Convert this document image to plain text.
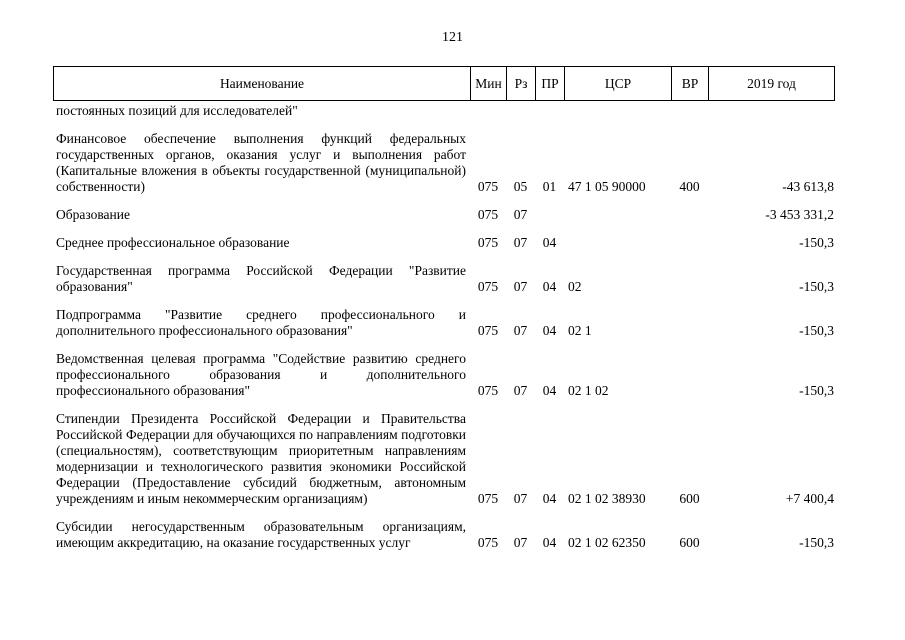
121
Наименование	Мин	Рз	ПР	ЦСР	ВР	2019 год
постоянных позиций для исследователей"						
Финансовое обеспечение выполнения функций федеральных государственных органов, оказания услуг и выполнения работ (Капитальные вложения в объекты государственной (муниципальной) собственности)	075	05	01	47 1 05 90000	400	-43 613,8
Образование	075	07				-3 453 331,2
Среднее профессиональное образование	075	07	04			-150,3
Государственная программа Российской Федерации "Развитие образования"	075	07	04	02		-150,3
Подпрограмма "Развитие среднего профессионального и дополнительного профессионального образования"	075	07	04	02 1		-150,3
Ведомственная целевая программа "Содействие развитию среднего профессионального образования и дополнительного профессионального образования"	075	07	04	02 1 02		-150,3
Стипендии Президента Российской Федерации и Правительства Российской Федерации для обучающихся по направлениям подготовки (специальностям), соответствующим приоритетным направлениям модернизации и технологического развития экономики Российской Федерации (Предоставление субсидий бюджетным, автономным учреждениям и иным некоммерческим организациям)	075	07	04	02 1 02 38930	600	+7 400,4
Субсидии негосударственным образовательным организациям, имеющим аккредитацию, на оказание государственных услуг	075	07	04	02 1 02 62350	600	-150,3
